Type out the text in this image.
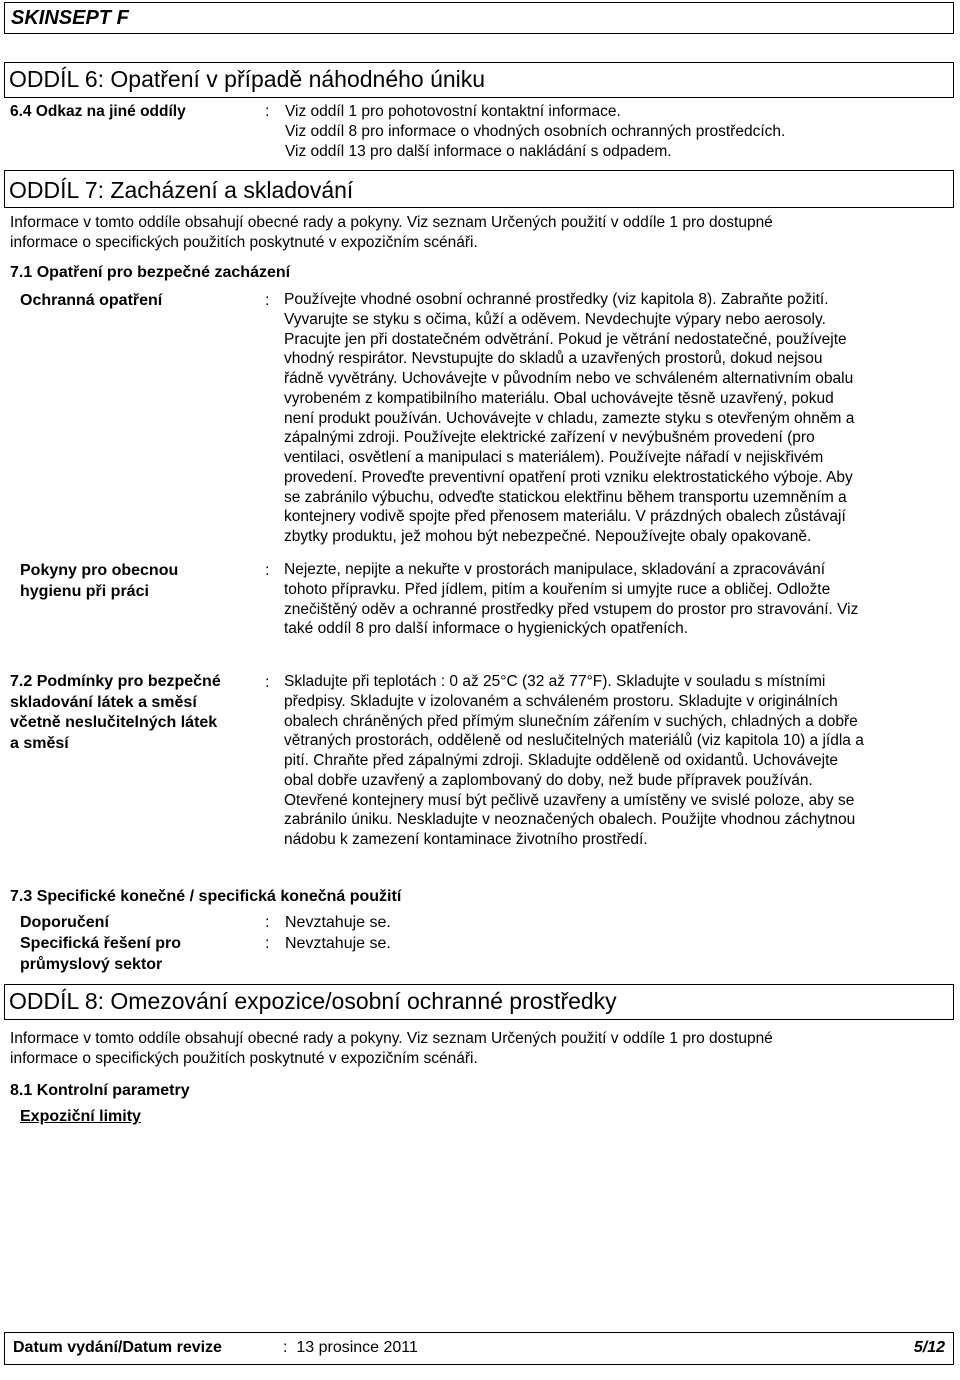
SKINSEPT F
ODDÍL 6: Opatření v případě náhodného úniku
6.4 Odkaz na jiné oddíly	: Viz oddíl 1 pro pohotovostní kontaktní informace.
Viz oddíl 8 pro informace o vhodných osobních ochranných prostředcích.
Viz oddíl 13 pro další informace o nakládání s odpadem.
ODDÍL 7: Zacházení a skladování
Informace v tomto oddíle obsahují obecné rady a pokyny. Viz seznam Určených použití v oddíle 1 pro dostupné
informace o specifických použitích poskytnuté v expozičním scénáři.
7.1 Opatření pro bezpečné zacházení
Ochranná opatření	: Používejte vhodné osobní ochranné prostředky (viz kapitola 8). Zabraňte požití.
Vyvarujte se styku s očima, kůží a oděvem. Nevdechujte výpary nebo aerosoly.
Pracujte jen při dostatečném odvětrání. Pokud je větrání nedostatečné, používejte
vhodný respirátor. Nevstupujte do skladů a uzavřených prostorů, dokud nejsou
řádně vyvětrány. Uchovávejte v původním nebo ve schváleném alternativním obalu
vyrobeném z kompatibilního materiálu. Obal uchovávejte těsně uzavřený, pokud
není produkt používán. Uchovávejte v chladu, zamezte styku s otevřeným ohněm a
zápalnými zdroji. Používejte elektrické zařízení v nevýbušném provedení (pro
ventilaci, osvětlení a manipulaci s materiálem). Používejte nářadí v nejiskřivém
provedení. Proveďte preventivní opatření proti vzniku elektrostatického výboje. Aby
se zabránilo výbuchu, odveďte statickou elektřinu během transportu uzemněním a
kontejnery vodivě spojte před přenosem materiálu. V prázdných obalech zůstávají
zbytky produktu, jež mohou být nebezpečné. Nepoužívejte obaly opakovaně.
Pokyny pro obecnou
hygienu při práci
: Nejezte, nepijte a nekuřte v prostorách manipulace, skladování a zpracovávání
tohoto přípravku. Před jídlem, pitím a kouřením si umyjte ruce a obličej. Odložte
znečištěný oděv a ochranné prostředky před vstupem do prostor pro stravování. Viz
také oddíl 8 pro další informace o hygienických opatřeních.
7.2 Podmínky pro bezpečné
skladování látek a směsí
včetně neslučitelných látek
a směsí
: Skladujte při teplotách : 0 až 25°C (32 až 77°F). Skladujte v souladu s místními
předpisy. Skladujte v izolovaném a schváleném prostoru. Skladujte v originálních
obalech chráněných před přímým slunečním zářením v suchých, chladných a dobře
větraných prostorách, odděleně od neslučitelných materiálů (viz kapitola 10) a jídla a
pití. Chraňte před zápalnými zdroji. Skladujte odděleně od oxidantů. Uchovávejte
obal dobře uzavřený a zaplombovaný do doby, než bude přípravek používán.
Otevřené kontejnery musí být pečlivě uzavřeny a umístěny ve svislé poloze, aby se
zabránilo úniku. Neskladujte v neoznačených obalech. Použijte vhodnou záchytnou
nádobu k zamezení kontaminace životního prostředí.
7.3 Specifické konečné / specifická konečná použití
Doporučení	: Nevztahuje se.
Specifická řešení pro
průmyslový sektor
: Nevztahuje se.
ODDÍL 8: Omezování expozice/osobní ochranné prostředky
Informace v tomto oddíle obsahují obecné rady a pokyny. Viz seznam Určených použití v oddíle 1 pro dostupné
informace o specifických použitích poskytnuté v expozičním scénáři.
8.1 Kontrolní parametry
Expoziční limity
Datum vydání/Datum revize	: 13 prosince 2011	5/12
